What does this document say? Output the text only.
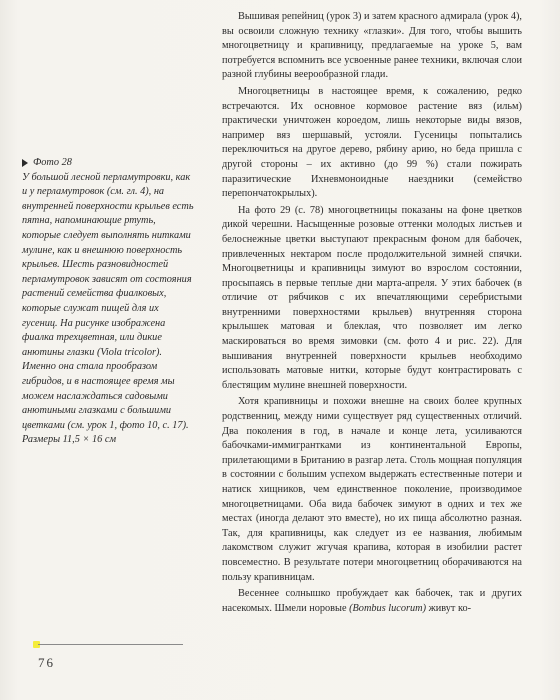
Фото 28

У большой лесной перламутровки, как и у перламутровок (см. гл. 4), на внутренней поверхности крыльев есть пятна, напоминающие ртуть, которые следует выполнять нитками мулине, как и внешнюю поверхность крыльев. Шесть разновидностей перламутровок зависят от состояния растений семейства фиалковых, которые служат пищей для их гусениц. На рисунке изображена фиалка трехцветная, или дикие анютины глазки (Viola tricolor). Именно она стала прообразом гибридов, и в настоящее время мы можем наслаждаться садовыми анютиными глазками с большими цветками (см. урок 1, фото 10, с. 17).

Размеры 11,5 × 16 см

Вышивая репейниц (урок 3) и затем красного адмирала (урок 4), вы освоили сложную технику «глазки». Для того, чтобы вышить многоцветницу и крапивницу, предлагаемые на уроке 5, вам потребуется вспомнить все усвоенные ранее техники, включая слои разной глубины веерообразной глади.

Многоцветницы в настоящее время, к сожалению, редко встречаются. Их основное кормовое растение вяз (ильм) практически уничтожен короедом, лишь некоторые виды вязов, например вяз шершавый, устояли. Гусеницы попытались переключиться на другое дерево, рябину арию, но беда пришла с другой стороны – их активно (до 99 %) стали пожирать паразитические Ихневмоноидные наездники (семейство перепончатокрылых).

На фото 29 (с. 78) многоцветницы показаны на фоне цветков дикой черешни. Насыщенные розовые оттенки молодых листьев и белоснежные цветки выступают прекрасным фоном для бабочек, привлеченных нектаром после продолжительной зимней спячки. Многоцветницы и крапивницы зимуют во взрослом состоянии, просыпаясь в первые теплые дни марта-апреля. У этих бабочек (в отличие от рябчиков с их впечатляющими серебристыми внутренними поверхностями крыльев) внутренняя сторона крылышек матовая и блеклая, что позволяет им легко маскироваться во время зимовки (см. фото 4 и рис. 22). Для вышивания внутренней поверхности крыльев необходимо использовать матовые нитки, которые будут контрастировать с блестящим мулине внешней поверхности.

Хотя крапивницы и похожи внешне на своих более крупных родственниц, между ними существует ряд существенных отличий. Два поколения в год, в начале и конце лета, усиливаются бабочками-иммигрантками из континентальной Европы, прилетающими в Британию в разгар лета. Столь мощная популяция в состоянии с большим успехом выдержать естественные потери и натиск хищников, чем единственное поколение, производимое многоцветницами. Оба вида бабочек зимуют в одних и тех же местах (иногда делают это вместе), но их пища абсолютно разная. Так, для крапивницы, как следует из ее названия, любимым лакомством служит жгучая крапива, которая в изобилии растет повсеместно. В результате потери многоцветниц оборачиваются на пользу крапивницам.

Весеннее солнышко пробуждает как бабочек, так и других насекомых. Шмели норовые (Bombus lucorum) живут ко-

76
